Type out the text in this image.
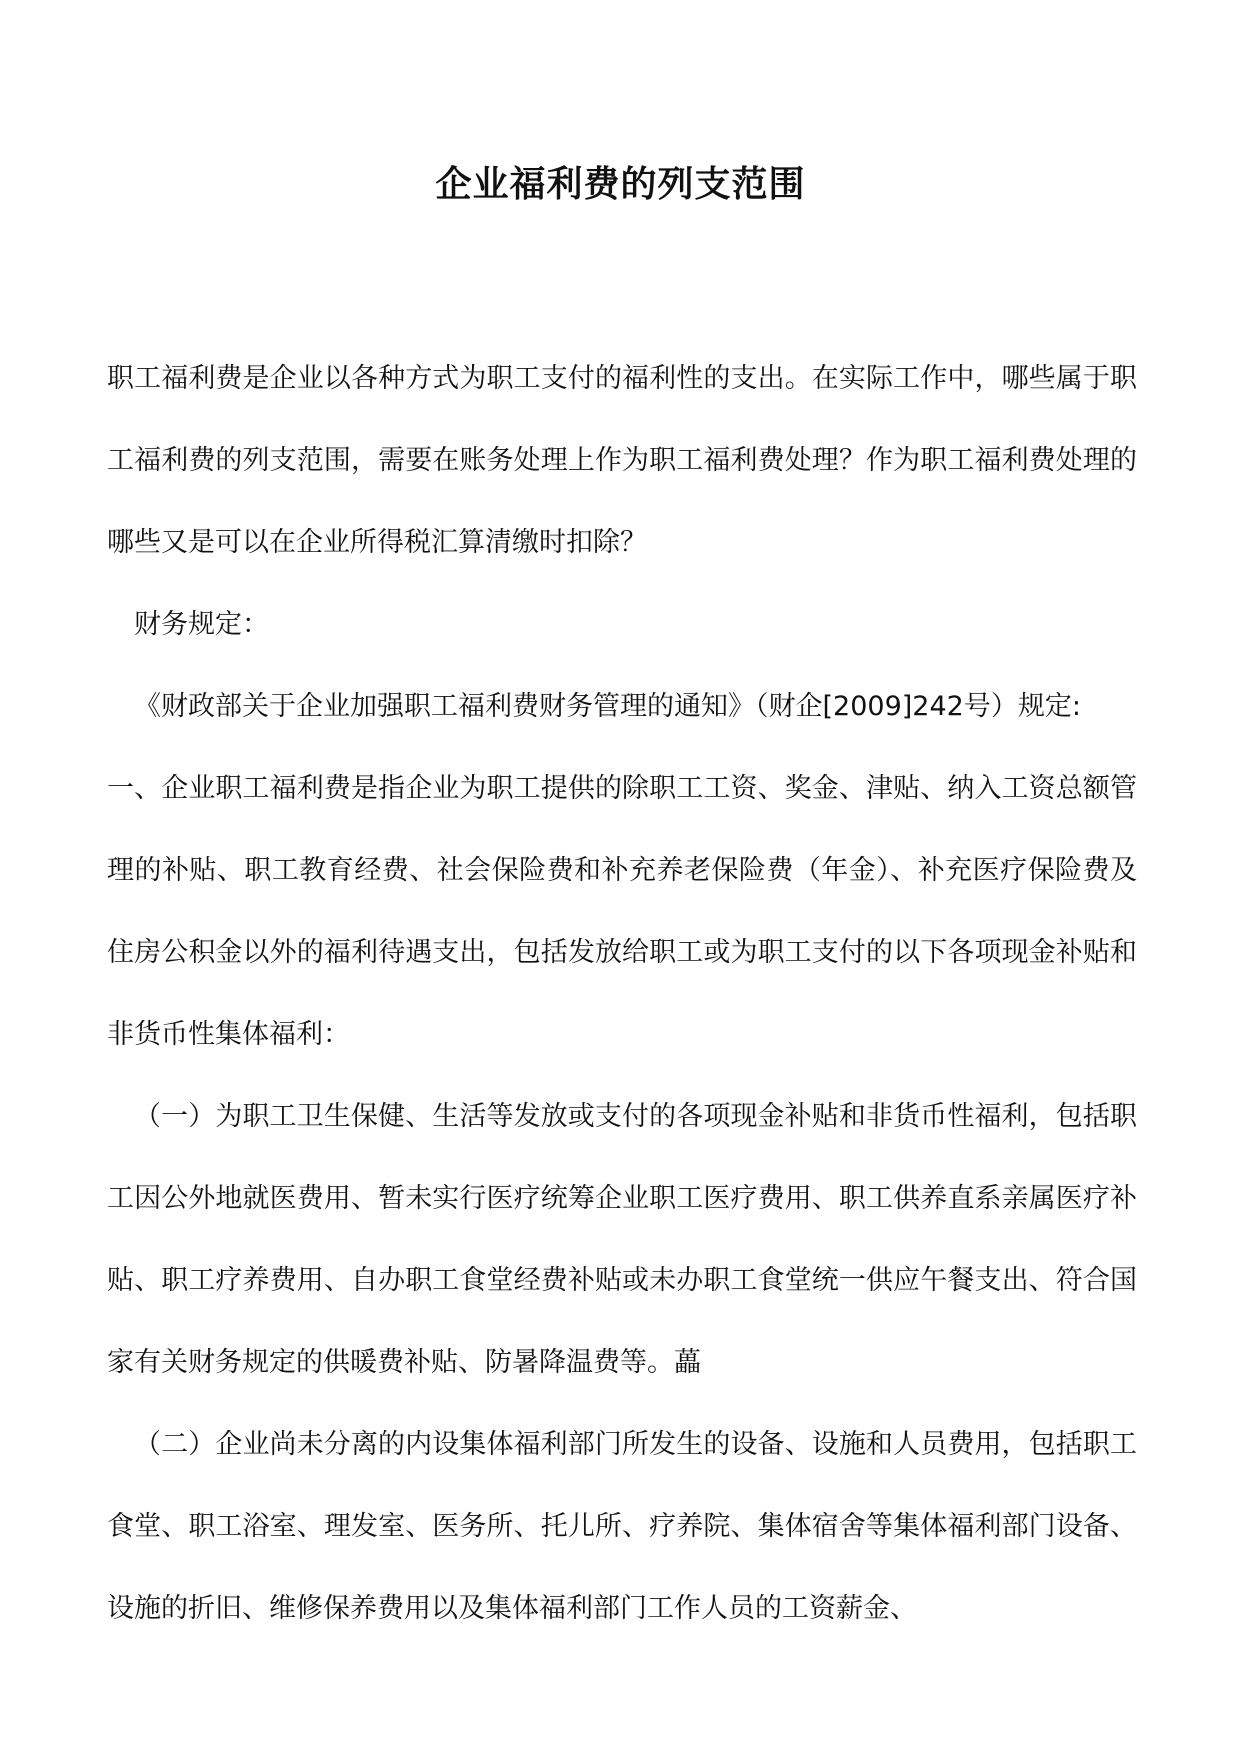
企业福利费的列支范围

职工福利费是企业以各种方式为职工支付的福利性的支出。在实际工作中，哪些属于职工福利费的列支范围，需要在账务处理上作为职工福利费处理？作为职工福利费处理的哪些又是可以在企业所得税汇算清缴时扣除？

财务规定：

《财政部关于企业加强职工福利费财务管理的通知》（财企[2009]242号）规定:

一、企业职工福利费是指企业为职工提供的除职工工资、奖金、津贴、纳入工资总额管理的补贴、职工教育经费、社会保险费和补充养老保险费（年金）、补充医疗保险费及住房公积金以外的福利待遇支出，包括发放给职工或为职工支付的以下各项现金补贴和非货币性集体福利：

（一）为职工卫生保健、生活等发放或支付的各项现金补贴和非货币性福利，包括职工因公外地就医费用、暂未实行医疗统筹企业职工医疗费用、职工供养直系亲属医疗补贴、职工疗养费用、自办职工食堂经费补贴或未办职工食堂统一供应午餐支出、符合国家有关财务规定的供暖费补贴、防暑降温费等。藟

（二）企业尚未分离的内设集体福利部门所发生的设备、设施和人员费用，包括职工食堂、职工浴室、理发室、医务所、托儿所、疗养院、集体宿舍等集体福利部门设备、设施的折旧、维修保养费用以及集体福利部门工作人员的工资薪金、
